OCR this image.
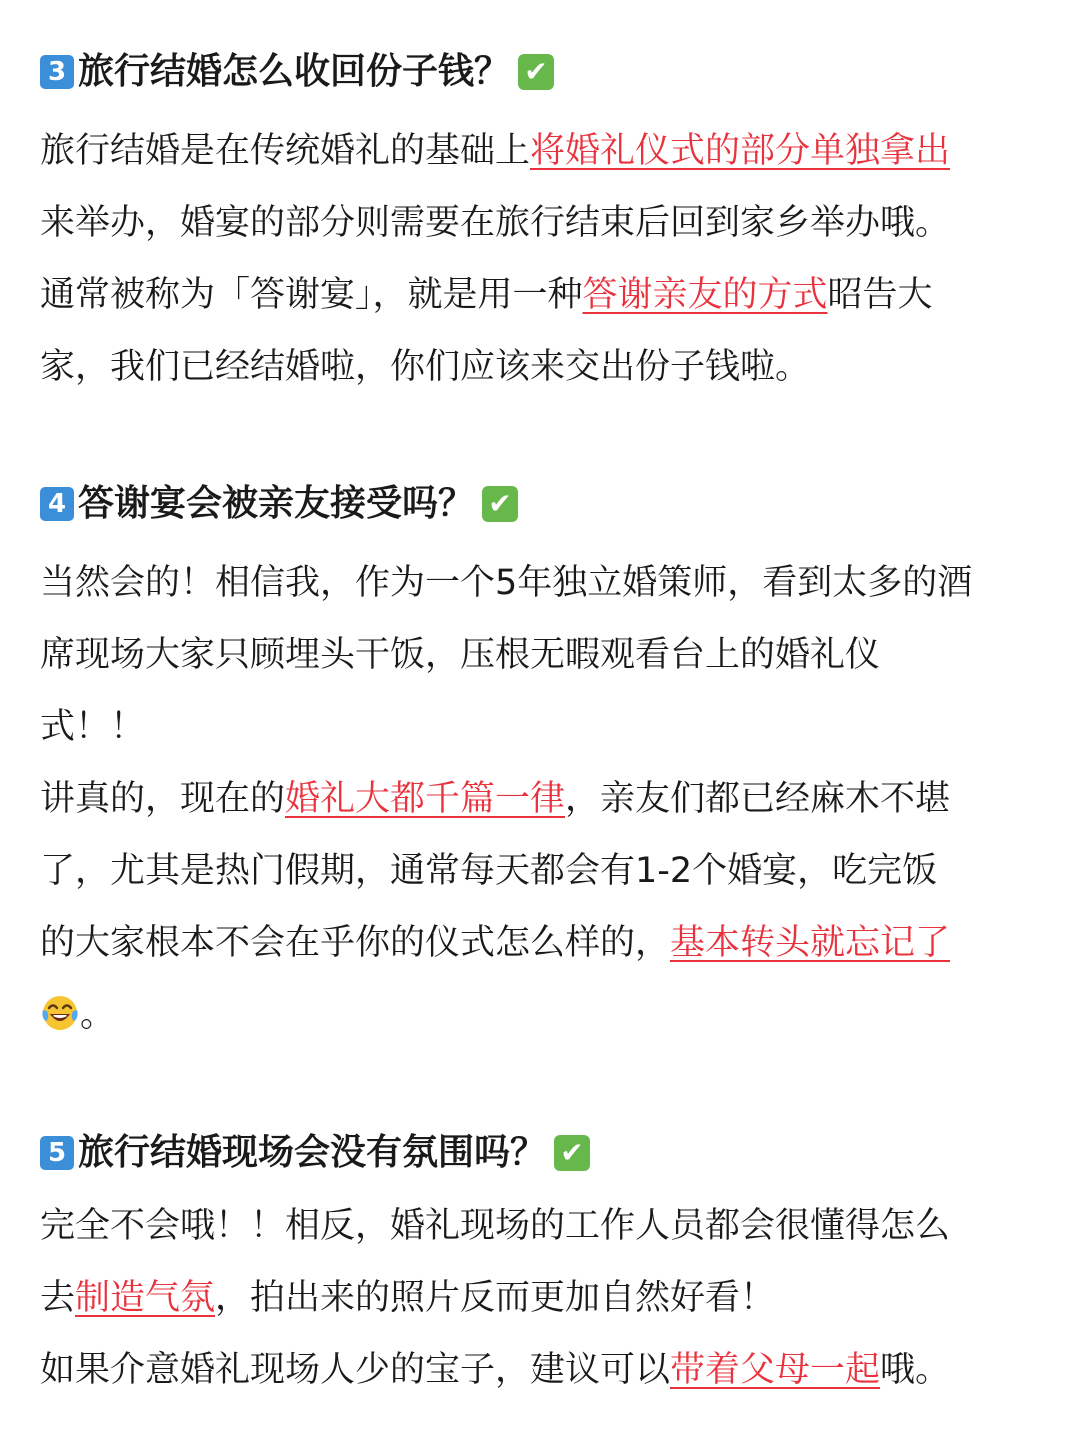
3 旅行结婚怎么收回份子钱？ ✔
旅行结婚是在传统婚礼的基础上将婚礼仪式的部分单独拿出
来举办，婚宴的部分则需要在旅行结束后回到家乡举办哦。
通常被称为「答谢宴」，就是用一种答谢亲友的方式昭告大
家，我们已经结婚啦，你们应该来交出份子钱啦。
4 答谢宴会被亲友接受吗？ ✔
当然会的！相信我，作为一个5年独立婚策师，看到太多的酒
席现场大家只顾埋头干饭，压根无暇观看台上的婚礼仪
式！！
讲真的，现在的婚礼大都千篇一律，亲友们都已经麻木不堪
了，尤其是热门假期，通常每天都会有1-2个婚宴，吃完饭
的大家根本不会在乎你的仪式怎么样的，基本转头就忘记了
。
5 旅行结婚现场会没有氛围吗？ ✔
完全不会哦！！相反，婚礼现场的工作人员都会很懂得怎么
去制造气氛，拍出来的照片反而更加自然好看！
如果介意婚礼现场人少的宝子，建议可以带着父母一起哦。
